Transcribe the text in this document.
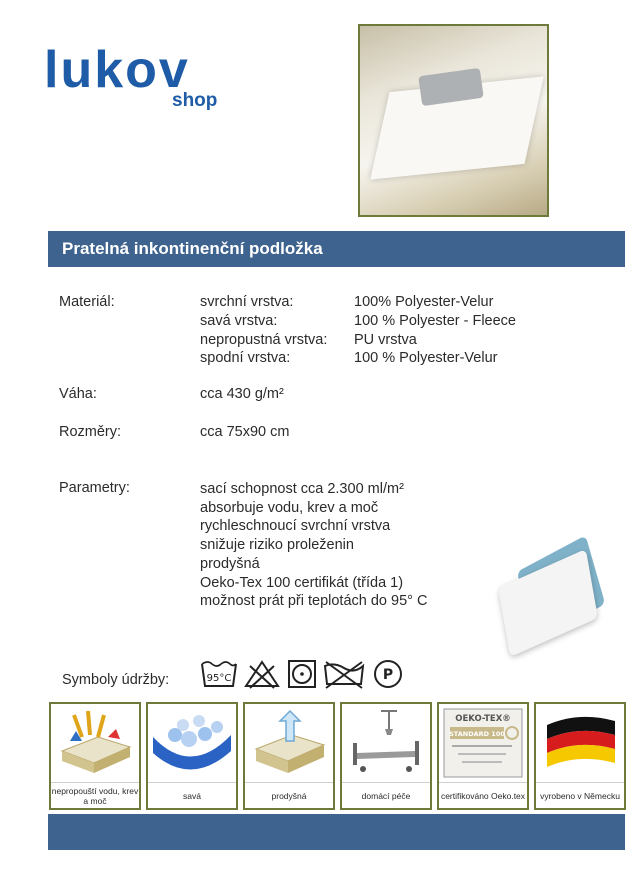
lukov
shop
Pratelná inkontinenční podložka
Materiál:	svrchní vrstva:	100% Polyester-Velur
savá vrstva:	100 % Polyester - Fleece
nepropustná vrstva: PU vrstva
spodní vrstva:	100 % Polyester-Velur
Váha:	cca 430 g/m²
Rozměry:	cca 75x90 cm
Parametry:	sací schopnost cca 2.300 ml/m²
absorbuje vodu, krev a moč
rychleschnoucí svrchní vrstva
snižuje riziko proleženin
prodyšná
Oeko-Tex 100 certifikát (třída 1)
možnost prát při teplotách do 95° C
Symboly údržby:	95°C	P
nepropouští vodu, krev a moč	savá	prodyšná	domácí péče
OEKO-TEX®
STANDARD 100
certifikováno Oeko.tex	vyrobeno v Německu
